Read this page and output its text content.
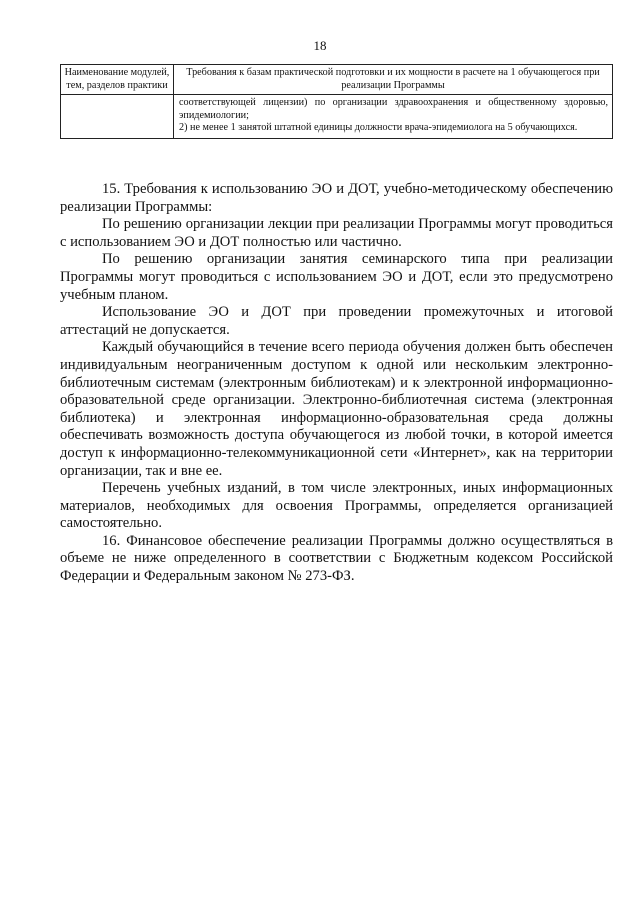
18
Наименование модулей, тем, разделов практики	Требования к базам практической подготовки и их мощности в расчете на 1 обучающегося при реализации Программы

	соответствующей лицензии) по организации здравоохранения и общественному здоровью, эпидемиологии;
2) не менее 1 занятой штатной единицы должности врача-эпидемиолога на 5 обучающихся.

15. Требования к использованию ЭО и ДОТ, учебно-методическому обеспечению реализации Программы:

По решению организации лекции при реализации Программы могут проводиться с использованием ЭО и ДОТ полностью или частично.

По решению организации занятия семинарского типа при реализации Программы могут проводиться с использованием ЭО и ДОТ, если это предусмотрено учебным планом.

Использование ЭО и ДОТ при проведении промежуточных и итоговой аттестаций не допускается.

Каждый обучающийся в течение всего периода обучения должен быть обеспечен индивидуальным неограниченным доступом к одной или нескольким электронно-библиотечным системам (электронным библиотекам) и к электронной информационно-образовательной среде организации. Электронно-библиотечная система (электронная библиотека) и электронная информационно-образовательная среда должны обеспечивать возможность доступа обучающегося из любой точки, в которой имеется доступ к информационно-телекоммуникационной сети «Интернет», как на территории организации, так и вне ее.

Перечень учебных изданий, в том числе электронных, иных информационных материалов, необходимых для освоения Программы, определяется организацией самостоятельно.

16. Финансовое обеспечение реализации Программы должно осуществляться в объеме не ниже определенного в соответствии с Бюджетным кодексом Российской Федерации и Федеральным законом № 273-ФЗ.
